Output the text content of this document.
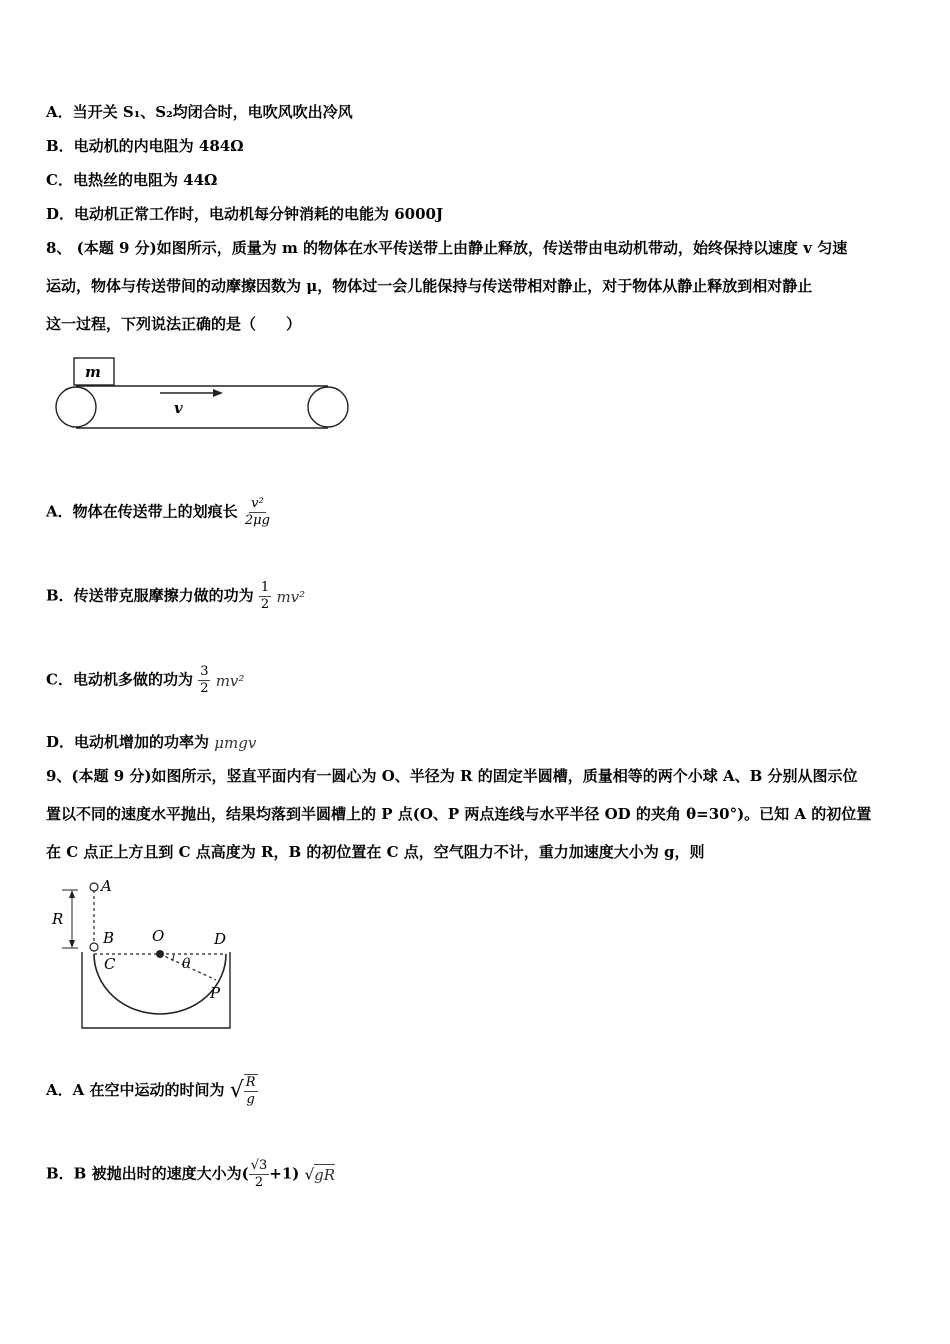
A．当开关 S₁、S₂均闭合时，电吹风吹出冷风
B．电动机的内电阻为 484Ω
C．电热丝的电阻为 44Ω
D．电动机正常工作时，电动机每分钟消耗的电能为 6000J
8、 (本题 9 分)如图所示，质量为 m 的物体在水平传送带上由静止释放，传送带由电动机带动，始终保持以速度 v 匀速
运动，物体与传送带间的动摩擦因数为 μ，物体过一会儿能保持与传送带相对静止，对于物体从静止释放到相对静止
这一过程，下列说法正确的是（　　）
m
v
A．物体在传送带上的划痕长 $\frac{\text{v²}}{2\mu g}$
B．传送带克服摩擦力做的功为 $\frac{1}{2} mv^2$
C．电动机多做的功为 $\frac{3}{2} mv^2$
D．电动机增加的功率为 μmgv
9、(本题 9 分)如图所示，竖直平面内有一圆心为 O、半径为 R 的固定半圆槽，质量相等的两个小球 A、B 分别从图示位
置以不同的速度水平抛出，结果均落到半圆槽上的 P 点(O、P 两点连线与水平半径 OD 的夹角 θ=30°)。已知 A 的初位置
在 C 点正上方且到 C 点高度为 R，B 的初位置在 C 点，空气阻力不计，重力加速度大小为 g，则
A
R
B	O	D
C	θ
P
A．A 在空中运动的时间为 √ $\frac{R}{g}$
B．B 被抛出时的速度大小为( $\frac{√3}{2} +1$) √gR
